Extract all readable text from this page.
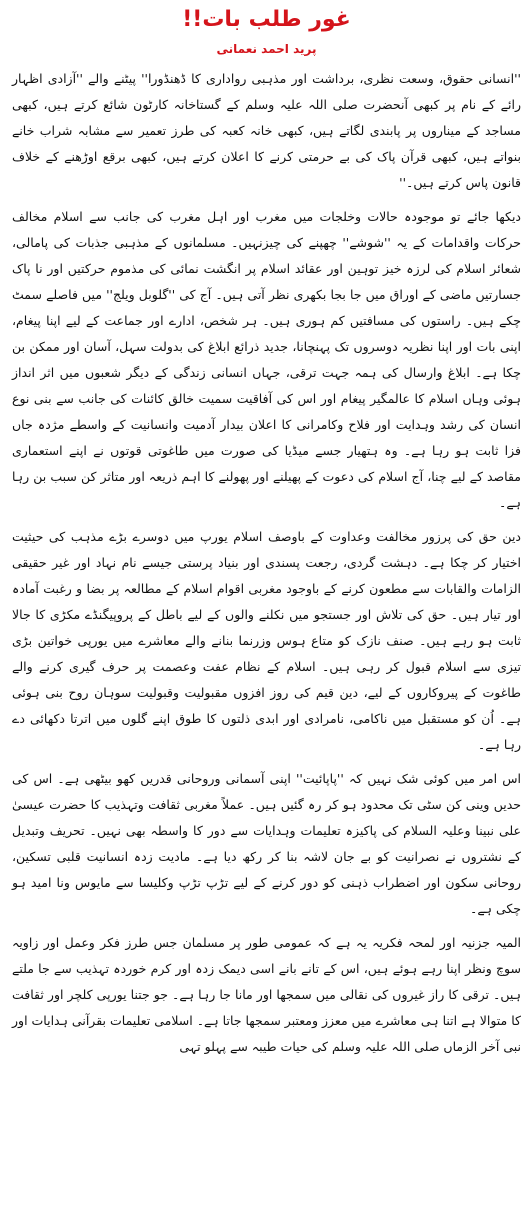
غور طلب بات!!
پرید احمد نعمانی

''انسانی حقوق، وسعت نظری، برداشت اور مذہبی رواداری کا ڈھنڈورا'' پیٹنے والے ''آزادی اظہار رائے کے نام پر کبھی آنحضرت صلی اللہ علیہ وسلم کے گستاخانہ کارٹون شائع کرتے ہیں، کبھی مساجد کے میناروں پر پابندی لگاتے ہیں، کبھی خانہ کعبہ کی طرز تعمیر سے مشابہ شراب خانے بنواتے ہیں، کبھی قرآن پاک کی بے حرمتی کرنے کا اعلان کرتے ہیں، کبھی برقع اوڑھنے کے خلاف قانون پاس کرتے ہیں۔''

دیکھا جائے تو موجودہ حالات وخلجات میں مغرب اور اہل مغرب کی جانب سے اسلام مخالف حرکات واقدامات کے یہ ''شوشے'' چھپنے کی چیزنہیں۔ مسلمانوں کے مذہبی جذبات کی پامالی، شعائر اسلام کی لرزہ خیز توہین اور عقائد اسلام پر انگشت نمائی کی مذموم حرکتیں اور نا پاک جسارتیں ماضی کے اوراق میں جا بجا بکھری نظر آتی ہیں۔ آج کی ''گلوبل ویلج'' میں فاصلے سمٹ چکے ہیں۔ راستوں کی مسافتیں کم ہوری ہیں۔ ہر شخص، ادارے اور جماعت کے لیے اپنا پیغام، اپنی بات اور اپنا نظریہ دوسروں تک پہنچانا، جدید ذرائع ابلاغ کی بدولت سہل، آسان اور ممکن بن چکا ہے۔ ابلاغ وارسال کی ہمہ جہت ترقی، جہاں انسانی زندگی کے دیگر شعبوں میں اثر انداز ہوئی وہاں اسلام کا عالمگیر پیغام اور اس کی آفاقیت سمیت خالق کائنات کی جانب سے بنی نوع انسان کی رشد وہدایت اور فلاح وکامرانی کا اعلان بیدار آدمیت وانسانیت کے واسطے مژدہ جاں فزا ثابت ہو رہا ہے۔ وہ ہتھیار جسے میڈیا کی صورت میں طاغوتی قوتوں نے اپنے استعماری مقاصد کے لیے چنا، آج اسلام کی دعوت کے پھیلنے اور پھولنے کا اہم ذریعہ اور متاثر کن سبب بن رہا ہے۔

دین حق کی پرزور مخالفت وعداوت کے باوصف اسلام یورپ میں دوسرے بڑے مذہب کی حیثیت اختیار کر چکا ہے۔ دہشت گردی، رجعت پسندی اور بنیاد پرستی جیسے نام نہاد اور غیر حقیقی الزامات والقابات سے مطعون کرنے کے باوجود مغربی اقوام اسلام کے مطالعہ پر بضا و رغبت آمادہ اور تیار ہیں۔ حق کی تلاش اور جستجو میں نکلنے والوں کے لیے باطل کے پروپیگنڈے مکڑی کا جالا ثابت ہو رہے ہیں۔ صنف نازک کو متاع ہوس وزرنما بنانے والے معاشرے میں یورپی خواتین بڑی تیزی سے اسلام قبول کر رہی ہیں۔ اسلام کے نظام عفت وعصمت پر حرف گیری کرنے والے طاغوت کے پیروکاروں کے لیے، دین قیم کی روز افزوں مقبولیت وقبولیت سوہان روح بنی ہوئی ہے۔ اُن کو مستقبل میں ناکامی، نامرادی اور ابدی ذلتوں کا طوق اپنے گلوں میں اترتا دکھائی دے رہا ہے۔

اس امر میں کوئی شک نہیں کہ ''پاپائیت'' اپنی آسمانی وروحانی قدریں کھو بیٹھی ہے۔ اس کی حدیں وینی کن سٹی تک محدود ہو کر رہ گئیں ہیں۔ عملاً مغربی ثقافت وتہذیب کا حضرت عیسیٰ علی نبینا وعلیہ السلام کی پاکیزہ تعلیمات وہدایات سے دور کا واسطہ بھی نہیں۔ تحریف وتبدیل کے نشتروں نے نصرانیت کو بے جان لاشہ بنا کر رکھ دیا ہے۔ مادیت زدہ انسانیت قلبی تسکین، روحانی سکون اور اضطراب ذہنی کو دور کرنے کے لیے تڑپ تڑپ وکلیسا سے مایوس ونا امید ہو چکی ہے۔

المیہ جزنیہ اور لمحہ فکریہ یہ ہے کہ عمومی طور پر مسلمان جس طرز فکر وعمل اور زاویہ سوچ ونظر اپنا رہے ہوئے ہیں، اس کے تانے بانے اسی دیمک زدہ اور کرم خوردہ تہذیب سے جا ملتے ہیں۔ ترقی کا راز غیروں کی نقالی میں سمجھا اور مانا جا رہا ہے۔ جو جتنا یورپی کلچر اور ثقافت کا متوالا ہے اتنا ہی معاشرے میں معزز ومعتبر سمجھا جاتا ہے۔ اسلامی تعلیمات بقرآنی ہدایات اور نبی آخر الزماں صلی اللہ علیہ وسلم کی حیات طیبہ سے پہلو تہی
